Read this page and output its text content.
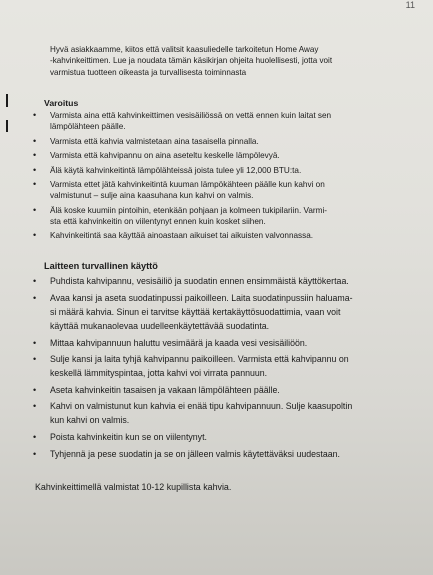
11

Hyvä asiakkaamme, kiitos että valitsit kaasuliedelle tarkoitetun Home Away
-kahvinkeittimen. Lue ja noudata tämän käsikirjan ohjeita huolellisesti, jotta voit
varmistua tuotteen oikeasta ja turvallisesta toiminnasta

Varoitus
• Varmista aina että kahvinkeittimen vesisäiliössä on vettä ennen kuin laitat sen
lämpölähteen päälle.
• Varmista että kahvia valmistetaan aina tasaisella pinnalla.
• Varmista että kahvipannu on aina aseteltu keskelle lämpölevyä.
• Älä käytä kahvinkeitintä lämpölähteissä joista tulee yli 12,000 BTU:ta.
• Varmista ettet jätä kahvinkeitintä kuuman lämpökähteen päälle kun kahvi on
valmistunut – sulje aina kaasuhana kun kahvi on valmis.
• Älä koske kuumiin pintoihin, etenkään pohjaan ja kolmeen tukipilariin. Varmi-
sta että kahvinkeitin on viilentynyt ennen kuin kosket siihen.
• Kahvinkeitintä saa käyttää ainoastaan aikuiset tai aikuisten valvonnassa.
Laitteen turvallinen käyttö
• Puhdista kahvipannu, vesisäiliö ja suodatin ennen ensimmäistä käyttökertaa.
• Avaa kansi ja aseta suodatinpussi paikoilleen. Laita suodatinpussiin haluama-
si määrä kahvia. Sinun ei tarvitse käyttää kertakäyttösuodattimia, vaan voit
käyttää mukanaolevaa uudelleenkäytettävää suodatinta.
• Mittaa kahvipannuun haluttu vesimäärä ja kaada vesi vesisäiliöön.
• Sulje kansi ja laita tyhjä kahvipannu paikoilleen. Varmista että kahvipannu on
keskellä lämmityspintaa, jotta kahvi voi virrata pannuun.
• Aseta kahvinkeitin tasaisen ja vakaan lämpölähteen päälle.
• Kahvi on valmistunut kun kahvia ei enää tipu kahvipannuun. Sulje kaasupoltin
kun kahvi on valmis.
• Poista kahvinkeitin kun se on viilentynyt.
• Tyhjennä ja pese suodatin ja se on jälleen valmis käytettäväksi uudestaan.

Kahvinkeittimellä valmistat 10-12 kupillista kahvia.
